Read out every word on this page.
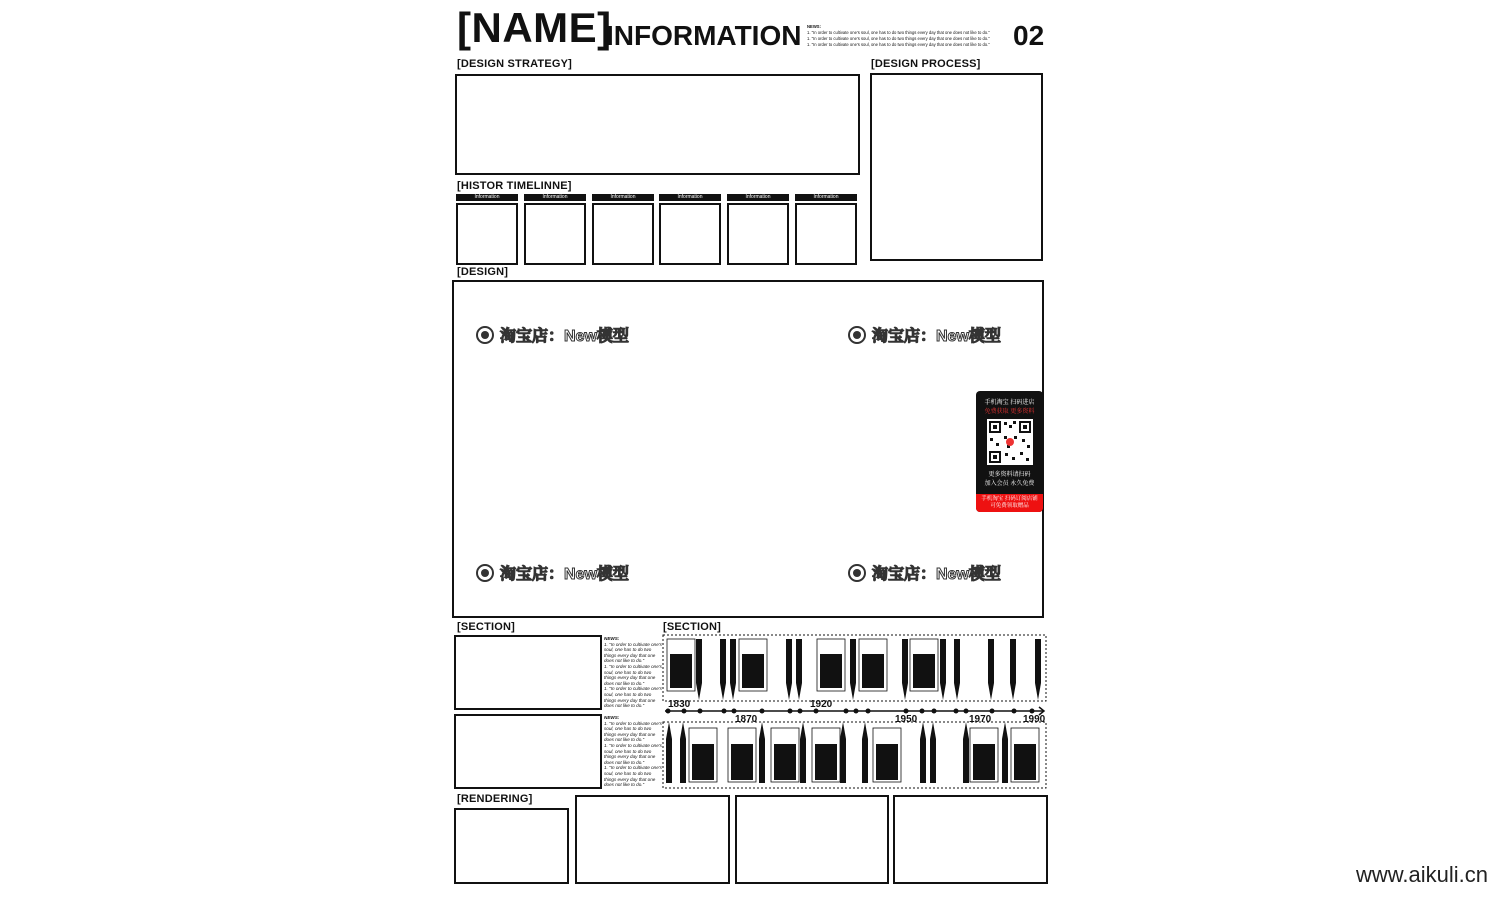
[NAME]
INFORMATION NEWS:
1. "In order to cultivate one's soul, one has to do two things every day that one does not like to do."
1. "In order to cultivate one's soul, one has to do two things every day that one does not like to do."
1. "In order to cultivate one's soul, one has to do two things every day that one does not like to do." 02
[DESIGN STRATEGY]	[DESIGN PROCESS]
[HISTOR TIMELINNE]
Information	Information	Information	Information	Information	Information
[DESIGN]
淘宝店：New模型	淘宝店：New模型
淘宝店：New模型	淘宝店：New模型
手机淘宝 扫码进店
免费获取 更多资料
更多资料请扫码
加入会员 永久免费
手机淘宝 扫码订阅店铺
可免费领取赠品
[SECTION]
NEWS:
1. "In order to cultivate one's soul, one has to do two things every day that one does not like to do."
1. "In order to cultivate one's soul, one has to do two things every day that one does not like to do."
1. "In order to cultivate one's soul, one has to do two things every day that one does not like to do."
NEWS:
1. "In order to cultivate one's soul, one has to do two things every day that one does not like to do."
1. "In order to cultivate one's soul, one has to do two things every day that one does not like to do."
1. "In order to cultivate one's soul, one has to do two things every day that one does not like to do."
[SECTION]
1830
1870
1920
1950	1970	1990
[RENDERING]
www.aikuli.cn
